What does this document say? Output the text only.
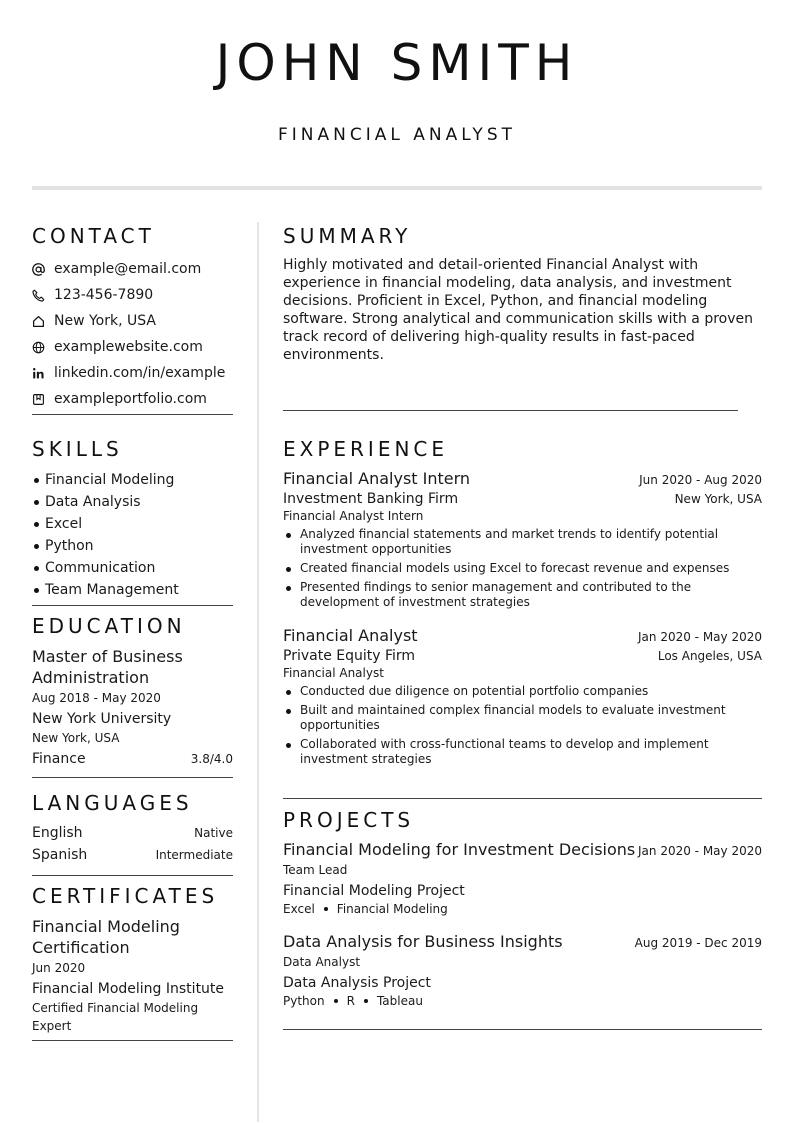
JOHN SMITH
FINANCIAL ANALYST
CONTACT
example@email.com
123-456-7890
New York, USA
examplewebsite.com
linkedin.com/in/example
exampleportfolio.com
SKILLS
Financial Modeling
Data Analysis
Excel
Python
Communication
Team Management
EDUCATION
Master of Business Administration
Aug 2018 - May 2020
New York University
New York, USA
Finance	3.8/4.0
LANGUAGES
English	Native
Spanish	Intermediate
CERTIFICATES
Financial Modeling Certification
Jun 2020
Financial Modeling Institute
Certified Financial Modeling Expert
SUMMARY
Highly motivated and detail-oriented Financial Analyst with experience in financial modeling, data analysis, and investment decisions. Proficient in Excel, Python, and financial modeling software. Strong analytical and communication skills with a proven track record of delivering high-quality results in fast-paced environments.
EXPERIENCE
Financial Analyst Intern	Jun 2020 - Aug 2020
Investment Banking Firm	New York, USA
Financial Analyst Intern
Analyzed financial statements and market trends to identify potential investment opportunities
Created financial models using Excel to forecast revenue and expenses
Presented findings to senior management and contributed to the development of investment strategies
Financial Analyst	Jan 2020 - May 2020
Private Equity Firm	Los Angeles, USA
Financial Analyst
Conducted due diligence on potential portfolio companies
Built and maintained complex financial models to evaluate investment opportunities
Collaborated with cross-functional teams to develop and implement investment strategies
PROJECTS
Financial Modeling for Investment Decisions Jan 2020 - May 2020
Team Lead
Financial Modeling Project
Excel Financial Modeling
Data Analysis for Business Insights	Aug 2019 - Dec 2019
Data Analyst
Data Analysis Project
Python R Tableau
